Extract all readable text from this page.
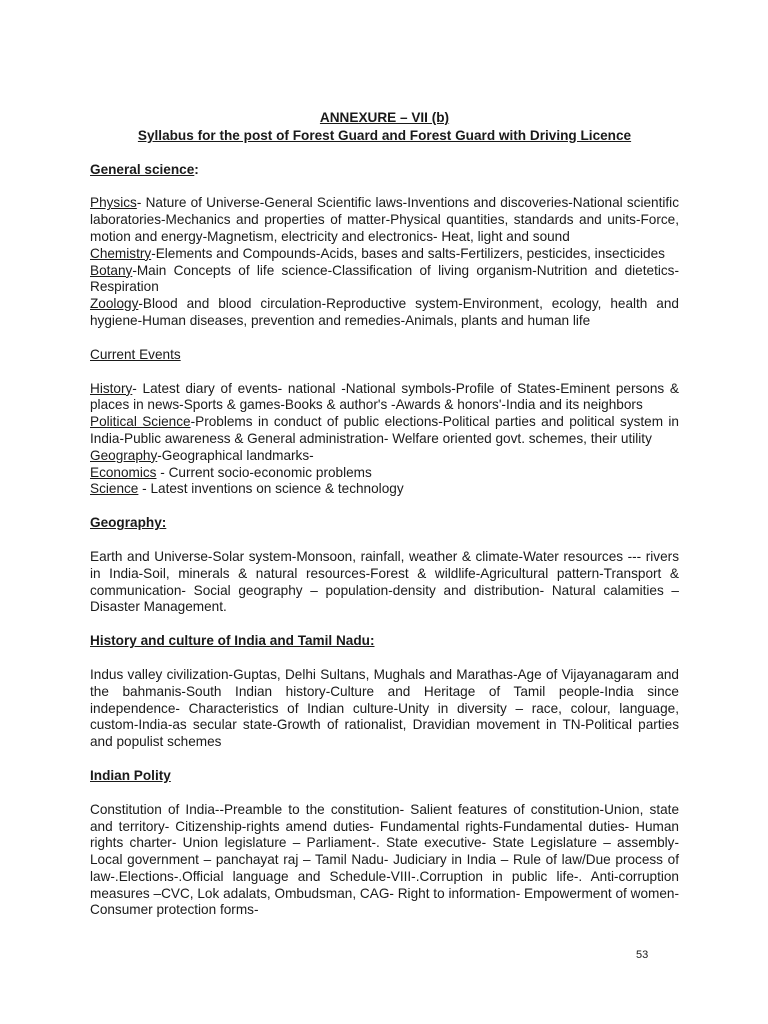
ANNEXURE – VII (b)

Syllabus for the post of Forest Guard and Forest Guard with Driving Licence

General science:

Physics- Nature of Universe-General Scientific laws-Inventions and discoveries-National scientific laboratories-Mechanics and properties of matter-Physical quantities, standards and units-Force, motion and energy-Magnetism, electricity and electronics- Heat, light and sound

Chemistry-Elements and Compounds-Acids, bases and salts-Fertilizers, pesticides, insecticides

Botany-Main Concepts of life science-Classification of living organism-Nutrition and dietetics-Respiration

Zoology-Blood and blood circulation-Reproductive system-Environment, ecology, health and hygiene-Human diseases, prevention and remedies-Animals, plants and human life

Current Events

History- Latest diary of events- national -National symbols-Profile of States-Eminent persons & places in news-Sports & games-Books & author's -Awards & honors'-India and its neighbors

Political Science-Problems in conduct of public elections-Political parties and political system in India-Public awareness & General administration- Welfare oriented govt. schemes, their utility

Geography-Geographical landmarks-

Economics - Current socio-economic problems

Science - Latest inventions on science & technology

Geography:

Earth and Universe-Solar system-Monsoon, rainfall, weather & climate-Water resources --- rivers in India-Soil, minerals & natural resources-Forest & wildlife-Agricultural pattern-Transport & communication- Social geography – population-density and distribution- Natural calamities – Disaster Management.

History and culture of India and Tamil Nadu:

Indus valley civilization-Guptas, Delhi Sultans, Mughals and Marathas-Age of Vijayanagaram and the bahmanis-South Indian history-Culture and Heritage of Tamil people-India since independence- Characteristics of Indian culture-Unity in diversity – race, colour, language, custom-India-as secular state-Growth of rationalist, Dravidian movement in TN-Political parties and populist schemes

Indian Polity

Constitution of India--Preamble to the constitution- Salient features of constitution-Union, state and territory- Citizenship-rights amend duties- Fundamental rights-Fundamental duties- Human rights charter- Union legislature – Parliament-. State executive- State Legislature – assembly-Local government – panchayat raj – Tamil Nadu- Judiciary in India – Rule of law/Due process of law-.Elections-.Official language and Schedule-VIII-.Corruption in public life-. Anti-corruption measures –CVC, Lok adalats, Ombudsman, CAG- Right to information- Empowerment of women- Consumer protection forms-

53
